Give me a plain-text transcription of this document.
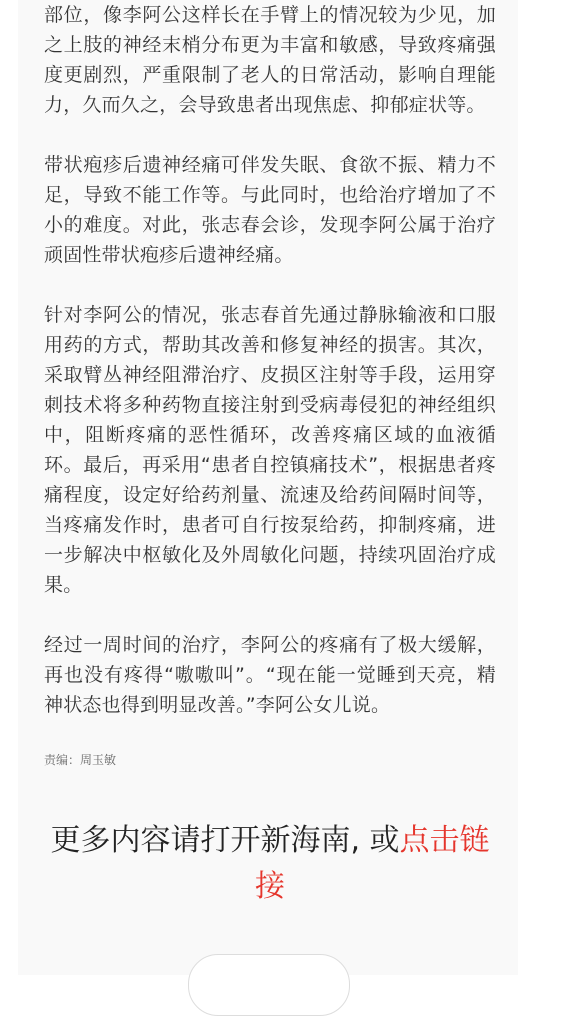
部位，像李阿公这样长在手臂上的情况较为少见，加之上肢的神经末梢分布更为丰富和敏感，导致疼痛强度更剧烈，严重限制了老人的日常活动，影响自理能力，久而久之，会导致患者出现焦虑、抑郁症状等。

带状疱疹后遗神经痛可伴发失眠、食欲不振、精力不足，导致不能工作等。与此同时，也给治疗增加了不小的难度。对此，张志春会诊，发现李阿公属于治疗顽固性带状疱疹后遗神经痛。

针对李阿公的情况，张志春首先通过静脉输液和口服用药的方式，帮助其改善和修复神经的损害。其次，采取臂丛神经阻滞治疗、皮损区注射等手段，运用穿刺技术将多种药物直接注射到受病毒侵犯的神经组织中，阻断疼痛的恶性循环，改善疼痛区域的血液循环。最后，再采用“患者自控镇痛技术”，根据患者疼痛程度，设定好给药剂量、流速及给药间隔时间等，当疼痛发作时，患者可自行按泵给药，抑制疼痛，进一步解决中枢敏化及外周敏化问题，持续巩固治疗成果。

经过一周时间的治疗，李阿公的疼痛有了极大缓解，再也没有疼得“嗷嗷叫”。“现在能一觉睡到天亮，精神状态也得到明显改善。”李阿公女儿说。

责编：周玉敏
更多内容请打开新海南, 或点击链接
